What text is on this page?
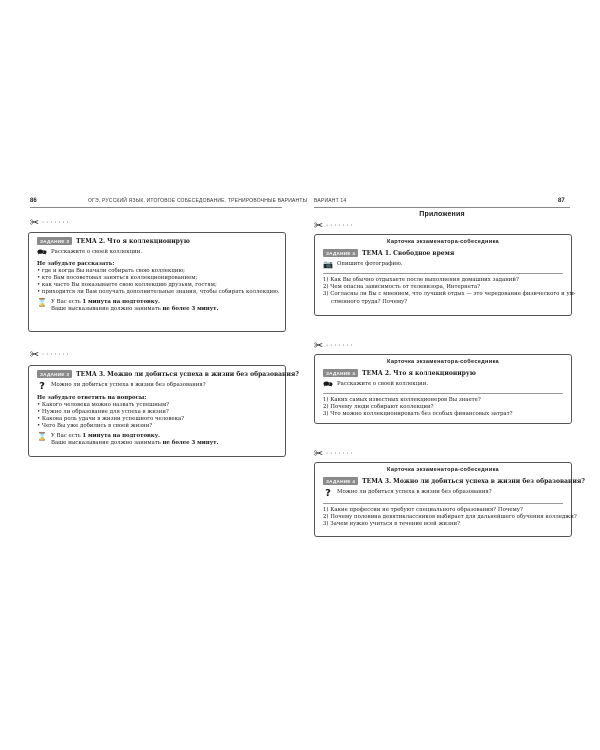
86	ОГЭ. РУССКИЙ ЯЗЫК. ИТОГОВОЕ СОБЕСЕДОВАНИЕ. ТРЕНИРОВОЧНЫЕ ВАРИАНТЫ
✂ ·······
ЗАДАНИЕ 3	ТЕМА 2. Что я коллекционирую
🗪 Расскажите о своей коллекции.
Не забудьте рассказать:
• где и когда Вы начали собирать свою коллекцию;
• кто Вам посоветовал заняться коллекционированием;
• как часто Вы показываете свою коллекцию друзьям, гостям;
• приходится ли Вам получать дополнительные знания, чтобы собирать коллекцию.
⌛ У Вас есть 1 минута на подготовку.
Ваше высказывание должно занимать не более 3 минут.
✂ ·······
ЗАДАНИЕ 3	ТЕМА 3. Можно ли добиться успеха в жизни без образования?
?	Можно ли добиться успеха в жизни без образования?
Не забудьте ответить на вопросы:
• Какого человека можно назвать успешным?
• Нужно ли образование для успеха в жизни?
• Какова роль удачи в жизни успешного человека?
• Чего Вы уже добились в своей жизни?
⌛ У Вас есть 1 минута на подготовку.
Ваше высказывание должно занимать не более 3 минут.
ВАРИАНТ 14	87
Приложения
✂ ·······
Карточка экзаменатора-собеседника
ЗАДАНИЕ 4	ТЕМА 1. Свободное время
📷 Опишите фотографию.
1) Как Вы обычно отдыхаете после выполнения домашних заданий?
2) Чем опасна зависимость от телевизора, Интернета?
3) Согласны ли Вы с мнением, что лучший отдых — это чередование физического и ум-
ственного труда? Почему?
✂ ·······
Карточка экзаменатора-собеседника
ЗАДАНИЕ 4	ТЕМА 2. Что я коллекционирую
🗪 Расскажите о своей коллекции.
1) Каких самых известных коллекционеров Вы знаете?
2) Почему люди собирают коллекции?
3) Что можно коллекционировать без особых финансовых затрат?
✂ ·······
Карточка экзаменатора-собеседника
ЗАДАНИЕ 4	ТЕМА 3. Можно ли добиться успеха в жизни без образования?
?	Можно ли добиться успеха в жизни без образования?
1) Какие профессии не требуют специального образования? Почему?
2) Почему половина девятиклассников выбирает для дальнейшего обучения колледжи?
3) Зачем нужно учиться в течение всей жизни?
